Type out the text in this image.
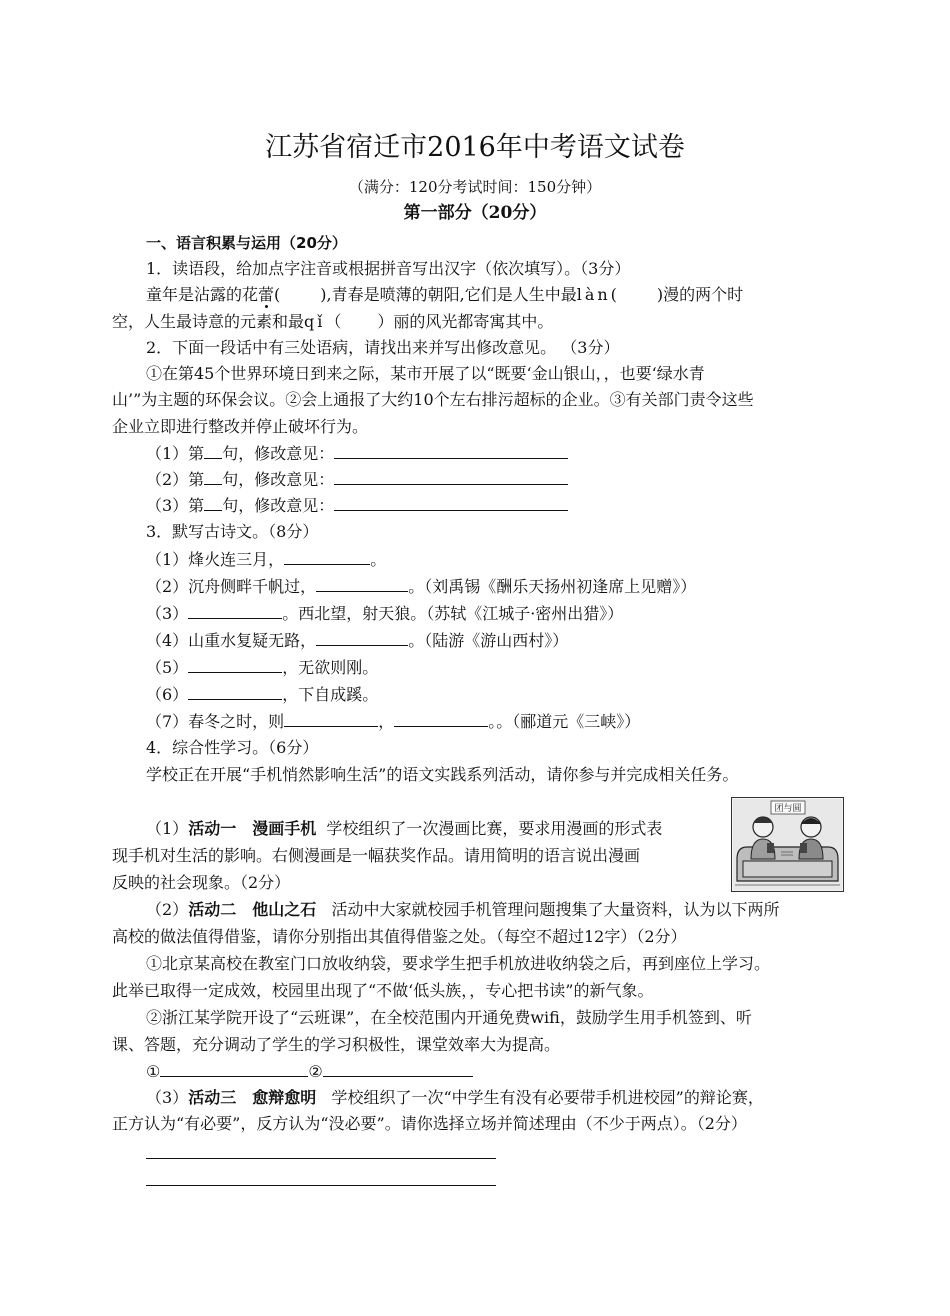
江苏省宿迁市2016年中考语文试卷
（满分：120分考试时间：150分钟）
第一部分（20分）
一、语言积累与运用（20分）
1．读语段，给加点字注音或根据拼音写出汉字（依次填写）。（3分）
童年是沾露的花蕾(	),青春是喷薄的朝阳,它们是人生中最làn(	)漫的两个时
空，人生最诗意的元素和最qǐ（ ）丽的风光都寄寓其中。
2．下面一段话中有三处语病，请找出来并写出修改意见。 （3分）
①在第45个世界环境日到来之际，某市开展了以“既要‘金山银山，，也要‘绿水青
山’”为主题的环保会议。②会上通报了大约10个左右排污超标的企业。③有关部门责令这些
企业立即进行整改并停止破坏行为。
（1）第 句，修改意见：
（2）第 句，修改意见：
（3）第 句，修改意见：
3．默写古诗文。（8分）
（1）烽火连三月，	。
（2）沉舟侧畔千帆过，	。（刘禹锡《酬乐天扬州初逢席上见赠》）
（3）	。西北望，射天狼。（苏轼《江城子·密州出猎》）
（4）山重水复疑无路，	。（陆游《游山西村》）
（5）	，无欲则刚。
（6）	，下自成蹊。
（7）春冬之时，则	，	。。（郦道元《三峡》）
4．综合性学习。（6分）
学校正在开展“手机悄然影响生活”的语文实践系列活动，请你参与并完成相关任务。
（1）活动一　漫画手机 学校组织了一次漫画比赛，要求用漫画的形式表
现手机对生活的影响。右侧漫画是一幅获奖作品。请用简明的语言说出漫画
反映的社会现象。（2分）
团与圆
（2）活动二　他山之石 活动中大家就校园手机管理问题搜集了大量资料，认为以下两所
高校的做法值得借鉴，请你分别指出其值得借鉴之处。（每空不超过12字）（2分）
①北京某高校在教室门口放收纳袋，要求学生把手机放进收纳袋之后，再到座位上学习。
此举已取得一定成效，校园里出现了“不做‘低头族，，专心把书读”的新气象。
②浙江某学院开设了“云班课”，在全校范围内开通免费wifi，鼓励学生用手机签到、听
课、答题，充分调动了学生的学习积极性，课堂效率大为提高。
①	②
（3）活动三　愈辩愈明 学校组织了一次“中学生有没有必要带手机进校园”的辩论赛，
正方认为“有必要”，反方认为“没必要”。请你选择立场并简述理由（不少于两点）。（2分）
